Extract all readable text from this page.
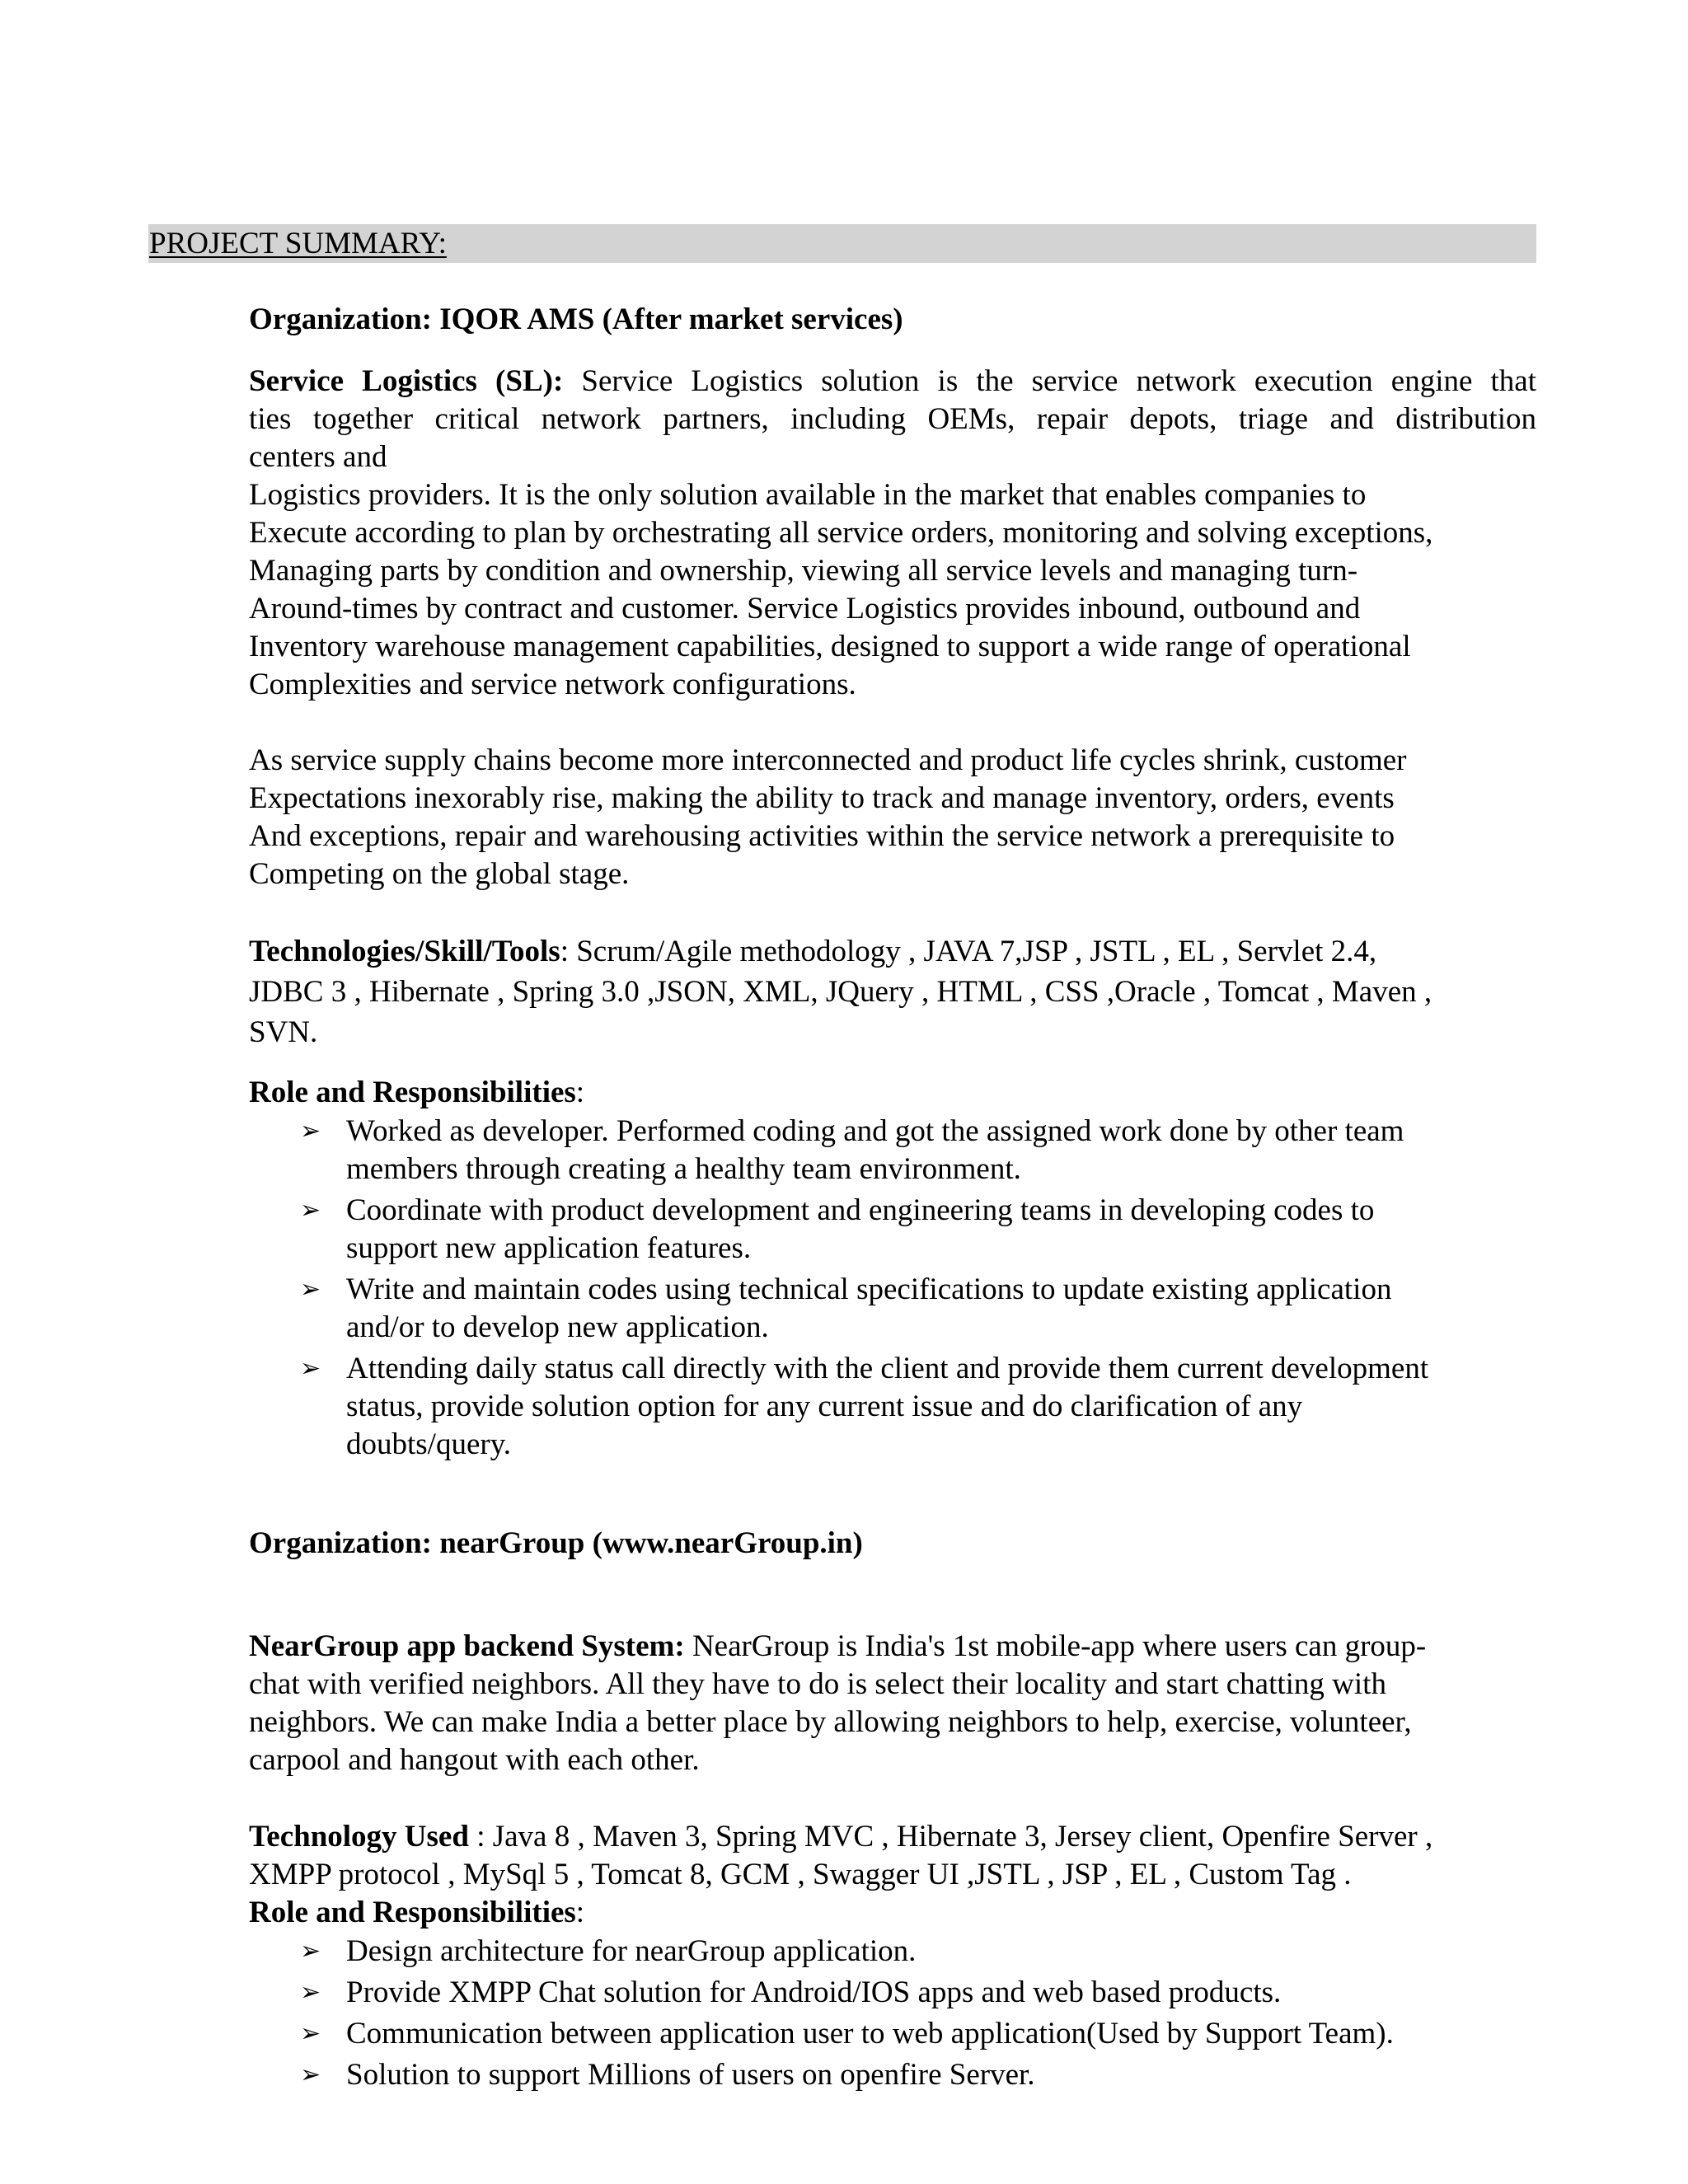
PROJECT SUMMARY:
Organization: IQOR AMS (After market services)
Service Logistics (SL): Service Logistics solution is the service network execution engine that
ties together critical network partners, including OEMs, repair depots, triage and distribution
centers and
Logistics providers. It is the only solution available in the market that enables companies to
Execute according to plan by orchestrating all service orders, monitoring and solving exceptions,
Managing parts by condition and ownership, viewing all service levels and managing turn-
Around-times by contract and customer. Service Logistics provides inbound, outbound and
Inventory warehouse management capabilities, designed to support a wide range of operational
Complexities and service network configurations.
As service supply chains become more interconnected and product life cycles shrink, customer
Expectations inexorably rise, making the ability to track and manage inventory, orders, events
And exceptions, repair and warehousing activities within the service network a prerequisite to
Competing on the global stage.
Technologies/Skill/Tools: Scrum/Agile methodology , JAVA 7,JSP , JSTL , EL , Servlet 2.4,
JDBC 3 , Hibernate , Spring 3.0 ,JSON, XML, JQuery , HTML , CSS ,Oracle , Tomcat , Maven ,
SVN.
Role and Responsibilities:
➢ Worked as developer. Performed coding and got the assigned work done by other team
members through creating a healthy team environment.
➢ Coordinate with product development and engineering teams in developing codes to
support new application features.
➢ Write and maintain codes using technical specifications to update existing application
and/or to develop new application.
➢ Attending daily status call directly with the client and provide them current development
status, provide solution option for any current issue and do clarification of any
doubts/query.
Organization: nearGroup (www.nearGroup.in)
NearGroup app backend System: NearGroup is India's 1st mobile-app where users can group-
chat with verified neighbors. All they have to do is select their locality and start chatting with
neighbors. We can make India a better place by allowing neighbors to help, exercise, volunteer,
carpool and hangout with each other.
Technology Used : Java 8 , Maven 3, Spring MVC , Hibernate 3, Jersey client, Openfire Server ,
XMPP protocol , MySql 5 , Tomcat 8, GCM , Swagger UI ,JSTL , JSP , EL , Custom Tag .
Role and Responsibilities:
➢ Design architecture for nearGroup application.
➢ Provide XMPP Chat solution for Android/IOS apps and web based products.
➢ Communication between application user to web application(Used by Support Team).
➢ Solution to support Millions of users on openfire Server.
